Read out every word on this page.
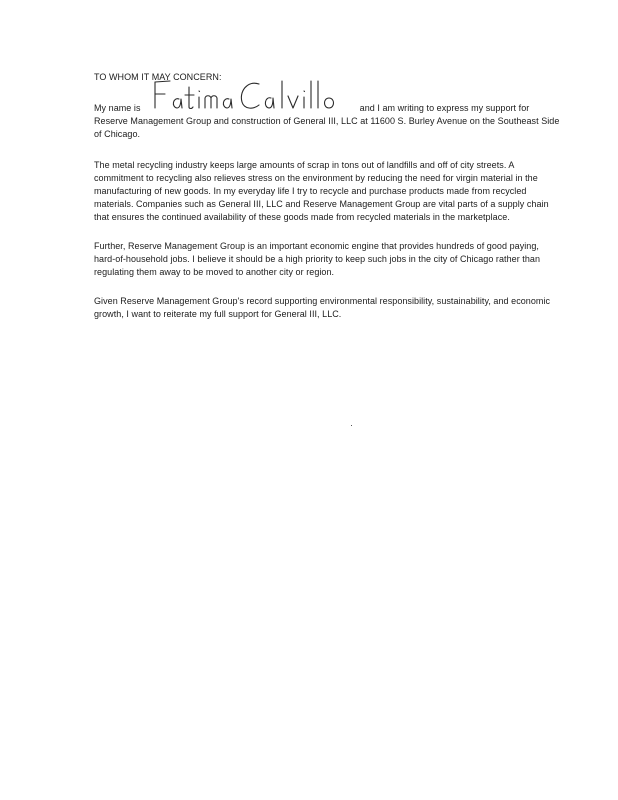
TO WHOM IT MAY CONCERN:
My name is	Fatima Calvillo	and I am writing to express my support for Reserve Management Group and construction of General III, LLC at 11600 S. Burley Avenue on the Southeast Side of Chicago.

The metal recycling industry keeps large amounts of scrap in tons out of landfills and off of city streets. A commitment to recycling also relieves stress on the environment by reducing the need for virgin material in the manufacturing of new goods. In my everyday life I try to recycle and purchase products made from recycled materials. Companies such as General III, LLC and Reserve Management Group are vital parts of a supply chain that ensures the continued availability of these goods made from recycled materials in the marketplace.

Further, Reserve Management Group is an important economic engine that provides hundreds of good paying, hard-of-household jobs. I believe it should be a high priority to keep such jobs in the city of Chicago rather than regulating them away to be moved to another city or region.

Given Reserve Management Group's record supporting environmental responsibility, sustainability, and economic growth, I want to reiterate my full support for General III, LLC.
